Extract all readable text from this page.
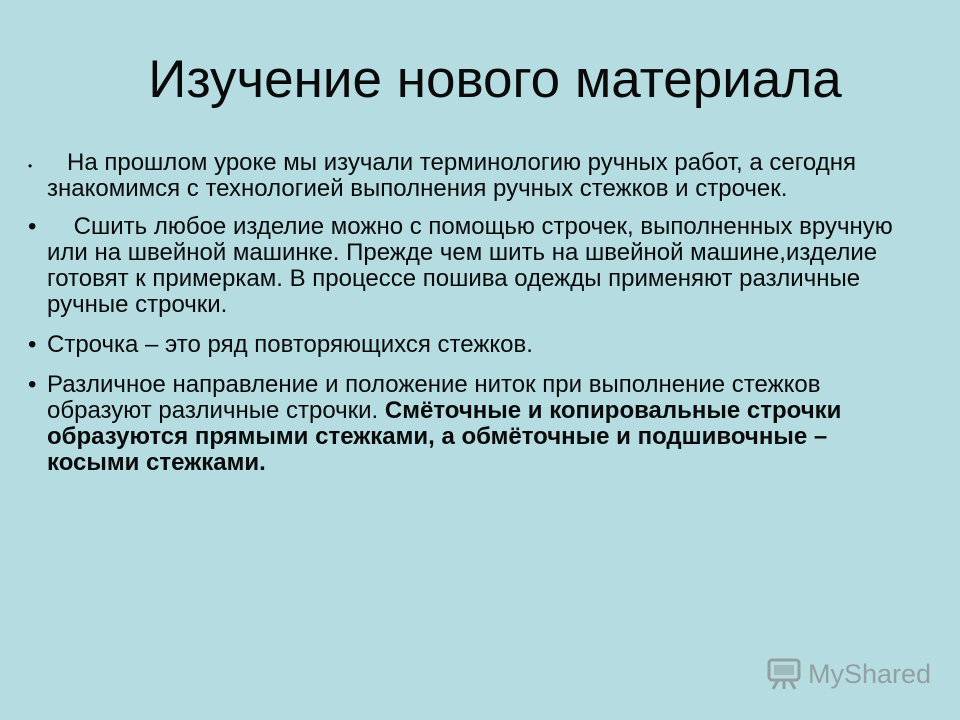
Изучение нового материала
• На прошлом уроке мы изучали терминологию ручных работ, а сегодня знакомимся с технологией выполнения ручных стежков и строчек.
• Сшить любое изделие можно с помощью строчек, выполненных вручную или на швейной машинке. Прежде чем шить на швейной машине,изделие готовят к примеркам. В процессе пошива одежды применяют различные ручные строчки.
• Строчка – это ряд повторяющихся стежков.
• Различное направление и положение ниток при выполнение стежков образуют различные строчки. Смёточные и копировальные строчки образуются прямыми стежками, а обмёточные и подшивочные – косыми стежками.
MyShared
